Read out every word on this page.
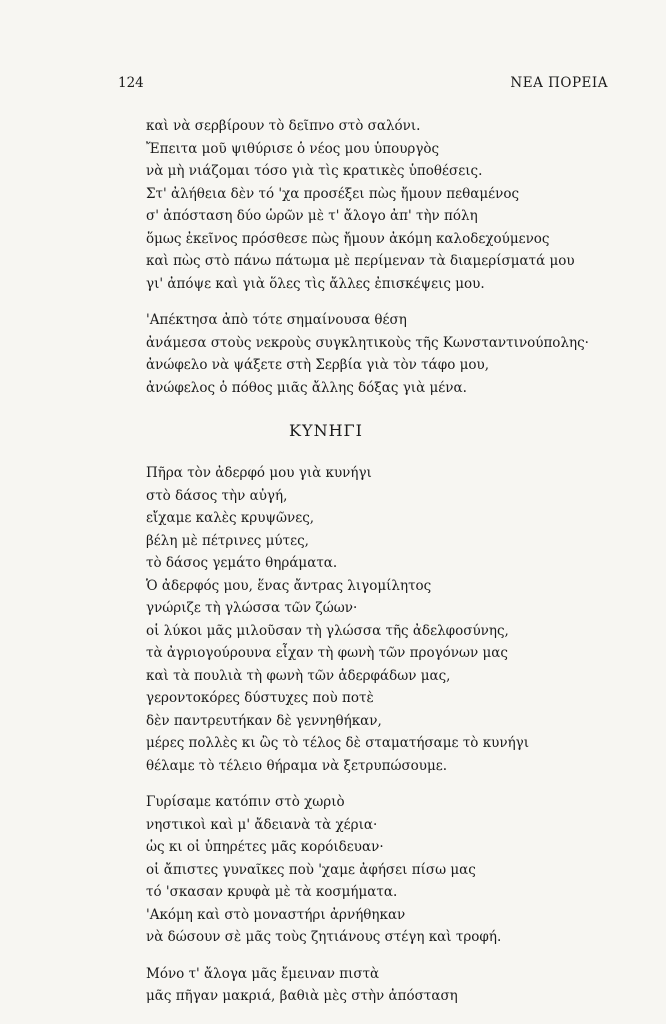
124	ΝΕΑ ΠΟΡΕΙΑ
καὶ νὰ σερβίρουν τὸ δεῖπνο στὸ σαλόνι.
Ἔπειτα μοῦ ψιθύρισε ὁ νέος μου ὑπουργὸς
νὰ μὴ νιάζομαι τόσο γιὰ τὶς κρατικὲς ὑποθέσεις.
Στ' ἀλήθεια δὲν τό 'χα προσέξει πὼς ἤμουν πεθαμένος
σ' ἀπόσταση δύο ὡρῶν μὲ τ' ἄλογο ἀπ' τὴν πόλη
ὅμως ἐκεῖνος πρόσθεσε πὼς ἤμουν ἀκόμη καλοδεχούμενος
καὶ πὼς στὸ πάνω πάτωμα μὲ περίμεναν τὰ διαμερίσματά μου
γι' ἀπόψε καὶ γιὰ ὅλες τὶς ἄλλες ἐπισκέψεις μου.
'Απέκτησα ἀπὸ τότε σημαίνουσα θέση
ἀνάμεσα στοὺς νεκροὺς συγκλητικοὺς τῆς Κωνσταντινούπολης·
ἀνώφελο νὰ ψάξετε στὴ Σερβία γιὰ τὸν τάφο μου,
ἀνώφελος ὁ πόθος μιᾶς ἄλλης δόξας γιὰ μένα.
ΚΥΝΗΓΙ
Πῆρα τὸν ἀδερφό μου γιὰ κυνήγι
στὸ δάσος τὴν αὐγή,
εἴχαμε καλὲς κρυψῶνες,
βέλη μὲ πέτρινες μύτες,
τὸ δάσος γεμάτο θηράματα.
Ὁ ἀδερφός μου, ἕνας ἄντρας λιγομίλητος
γνώριζε τὴ γλώσσα τῶν ζώων·
οἱ λύκοι μᾶς μιλοῦσαν τὴ γλώσσα τῆς ἀδελφοσύνης,
τὰ ἀγριογούρουνα εἶχαν τὴ φωνὴ τῶν προγόνων μας
καὶ τὰ πουλιὰ τὴ φωνὴ τῶν ἀδερφάδων μας,
γεροντοκόρες δύστυχες ποὺ ποτὲ
δὲν παντρευτήκαν δὲ γεννηθήκαν,
μέρες πολλὲς κι ὣς τὸ τέλος δὲ σταματήσαμε τὸ κυνήγι
θέλαμε τὸ τέλειο θήραμα νὰ ξετρυπώσουμε.
Γυρίσαμε κατόπιν στὸ χωριὸ
νηστικοὶ καὶ μ' ἄδειανὰ τὰ χέρια·
ὡς κι οἱ ὑπηρέτες μᾶς κορόιδευαν·
οἱ ἄπιστες γυναῖκες ποὺ 'χαμε ἀφήσει πίσω μας
τό 'σκασαν κρυφὰ μὲ τὰ κοσμήματα.
'Ακόμη καὶ στὸ μοναστήρι ἀρνήθηκαν
νὰ δώσουν σὲ μᾶς τοὺς ζητιάνους στέγη καὶ τροφή.
Μόνο τ' ἄλογα μᾶς ἔμειναν πιστὰ
μᾶς πῆγαν μακριά, βαθιὰ μὲς στὴν ἀπόσταση
